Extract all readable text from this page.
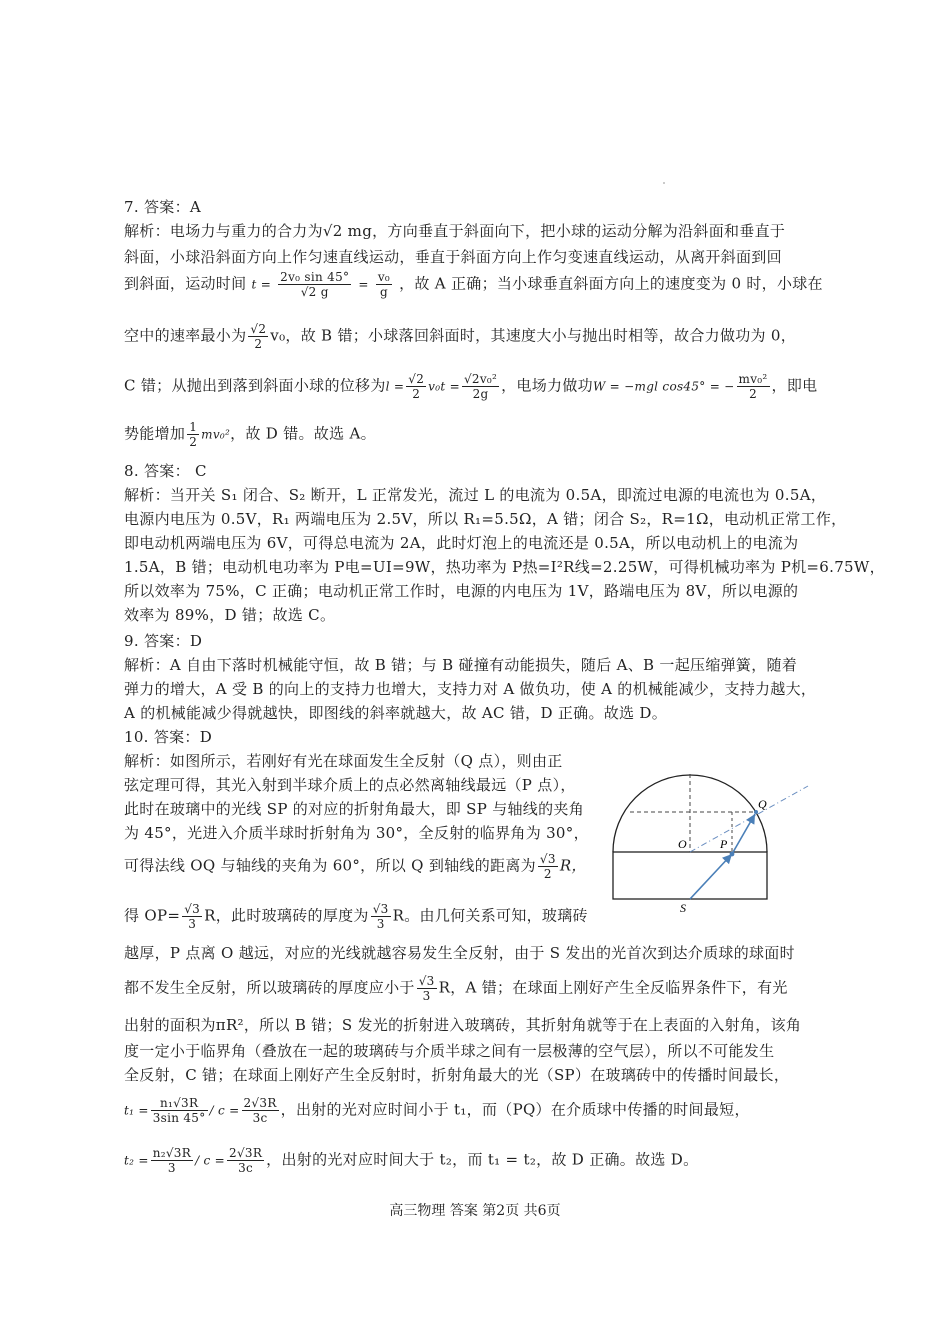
7. 答案：A
解析：电场力与重力的合力为√2 mg，方向垂直于斜面向下，把小球的运动分解为沿斜面和垂直于
斜面，小球沿斜面方向上作匀速直线运动，垂直于斜面方向上作匀变速直线运动，从离开斜面到回
到斜面，运动时间 $t = \frac{\text{2v₀ sin 45°}}{√2 g} = \frac{\text{v₀}}{g}$ ，故 A 正确；当小球垂直斜面方向上的速度变为 0 时，小球在
空中的速率最小为 $\frac{√2}{2} v_0$，故 B 错；小球落回斜面时，其速度大小与抛出时相等，故合力做功为 0，
C 错；从抛出到落到斜面小球的位移为$l = \frac{√2}{2} v_0t = \frac{\text{√2v₀²}}{2g}$ ，电场力做功W = −mgl cos45° = − $\frac{\text{mv₀²}}{2}$ ，即电
势能增加 $\frac{1}{2} mv_0^2$，故 D 错。故选 A。
8. 答案： C
解析：当开关 S₁ 闭合、S₂ 断开，L 正常发光，流过 L 的电流为 0.5A，即流过电源的电流也为 0.5A，
电源内电压为 0.5V，R₁ 两端电压为 2.5V，所以 R₁=5.5Ω，A 错；闭合 S₂，R=1Ω，电动机正常工作，
即电动机两端电压为 6V，可得总电流为 2A，此时灯泡上的电流还是 0.5A，所以电动机上的电流为
1.5A，B 错；电动机电功率为 P电=UI=9W，热功率为 P热=I²R线=2.25W，可得机械功率为 P机=6.75W，
所以效率为 75%，C 正确；电动机正常工作时，电源的内电压为 1V，路端电压为 8V，所以电源的
效率为 89%，D 错；故选 C。
9. 答案：D
解析：A 自由下落时机械能守恒，故 B 错；与 B 碰撞有动能损失，随后 A、B 一起压缩弹簧，随着
弹力的增大，A 受 B 的向上的支持力也增大，支持力对 A 做负功，使 A 的机械能减少，支持力越大，
A 的机械能减少得就越快，即图线的斜率就越大，故 AC 错，D 正确。故选 D。
10. 答案：D
解析：如图所示，若刚好有光在球面发生全反射（Q 点），则由正
弦定理可得，其光入射到半球介质上的点必然离轴线最远（P 点），
此时在玻璃中的光线 SP 的对应的折射角最大，即 SP 与轴线的夹角
为 45°，光进入介质半球时折射角为 30°，全反射的临界角为 30°，
可得法线 OQ 与轴线的夹角为 60°，所以 Q 到轴线的距离为 $\frac{√3}{2}$ R，
得 $OP= \frac{√3}{3}$ R，此时玻璃砖的厚度为 $\frac{√3}{3}$ R。由几何关系可知，玻璃砖
越厚，P 点离 O 越远，对应的光线就越容易发生全反射，由于 S 发出的光首次到达介质球的球面时
都不发生全反射，所以玻璃砖的厚度应小于 $\frac{√3}{3}$ R，A 错；在球面上刚好产生全反临界条件下，有光
出射的面积为πR²，所以 B 错；S 发光的折射进入玻璃砖，其折射角就等于在上表面的入射角，该角
度一定小于临界角（叠放在一起的玻璃砖与介质半球之间有一层极薄的空气层），所以不可能发生
全反射，C 错；在球面上刚好产生全反射时，折射角最大的光（SP）在玻璃砖中的传播时间最长，
$t_1 = \frac{\text{n₁√3R}}{3\sin 45^\circ} / c = \frac{2√3R}{3c}$ ，出射的光对应时间小于 t₁，而（PQ）在介质球中传播的时间最短，
$t_2 = \frac{\text{n₂√3R}}{3} / c = \frac{2√3R}{3c}$ ，出射的光对应时间大于 t₂，而 t₁ = t₂，故 D 正确。故选 D。
Q
O	P
S
高三物理 答案 第2页 共6页
